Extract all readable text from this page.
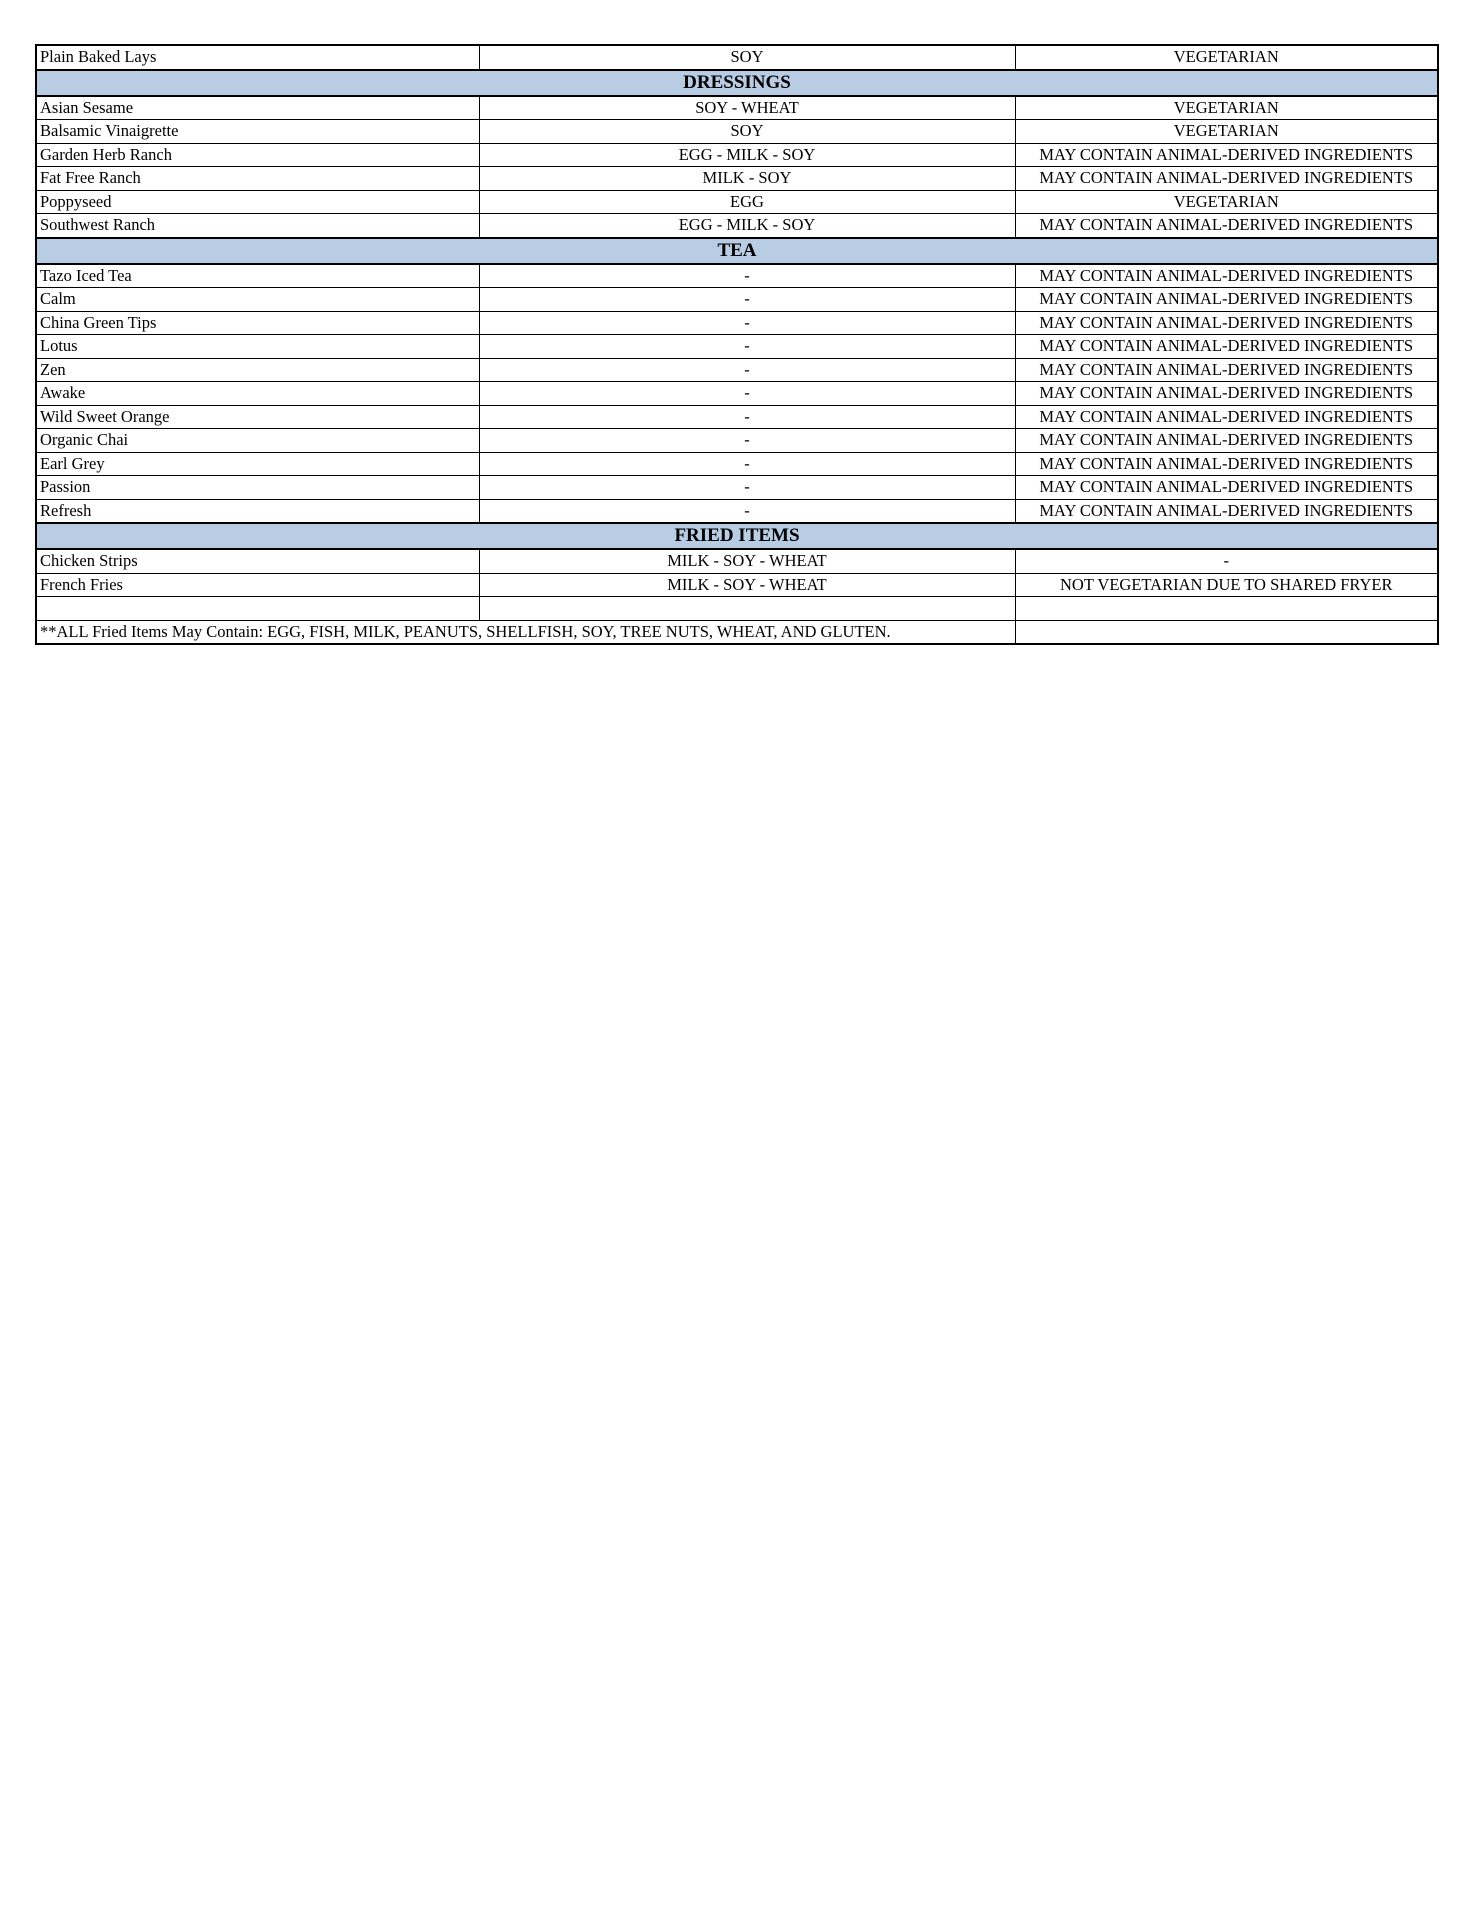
Plain Baked Lays	SOY	VEGETARIAN
DRESSINGS		
Asian Sesame	SOY - WHEAT	VEGETARIAN
Balsamic Vinaigrette	SOY	VEGETARIAN
Garden Herb Ranch	EGG - MILK - SOY	MAY CONTAIN ANIMAL-DERIVED INGREDIENTS
Fat Free Ranch	MILK - SOY	MAY CONTAIN ANIMAL-DERIVED INGREDIENTS
Poppyseed	EGG	VEGETARIAN
Southwest Ranch	EGG - MILK - SOY	MAY CONTAIN ANIMAL-DERIVED INGREDIENTS
TEA		
Tazo Iced Tea	-	MAY CONTAIN ANIMAL-DERIVED INGREDIENTS
Calm	-	MAY CONTAIN ANIMAL-DERIVED INGREDIENTS
China Green Tips	-	MAY CONTAIN ANIMAL-DERIVED INGREDIENTS
Lotus	-	MAY CONTAIN ANIMAL-DERIVED INGREDIENTS
Zen	-	MAY CONTAIN ANIMAL-DERIVED INGREDIENTS
Awake	-	MAY CONTAIN ANIMAL-DERIVED INGREDIENTS
Wild Sweet Orange	-	MAY CONTAIN ANIMAL-DERIVED INGREDIENTS
Organic Chai	-	MAY CONTAIN ANIMAL-DERIVED INGREDIENTS
Earl Grey	-	MAY CONTAIN ANIMAL-DERIVED INGREDIENTS
Passion	-	MAY CONTAIN ANIMAL-DERIVED INGREDIENTS
Refresh	-	MAY CONTAIN ANIMAL-DERIVED INGREDIENTS
FRIED ITEMS		
Chicken Strips	MILK - SOY - WHEAT	-
French Fries	MILK - SOY - WHEAT	NOT VEGETARIAN DUE TO SHARED FRYER

**ALL Fried Items May Contain: EGG, FISH, MILK, PEANUTS, SHELLFISH, SOY, TREE NUTS, WHEAT, AND GLUTEN.		
